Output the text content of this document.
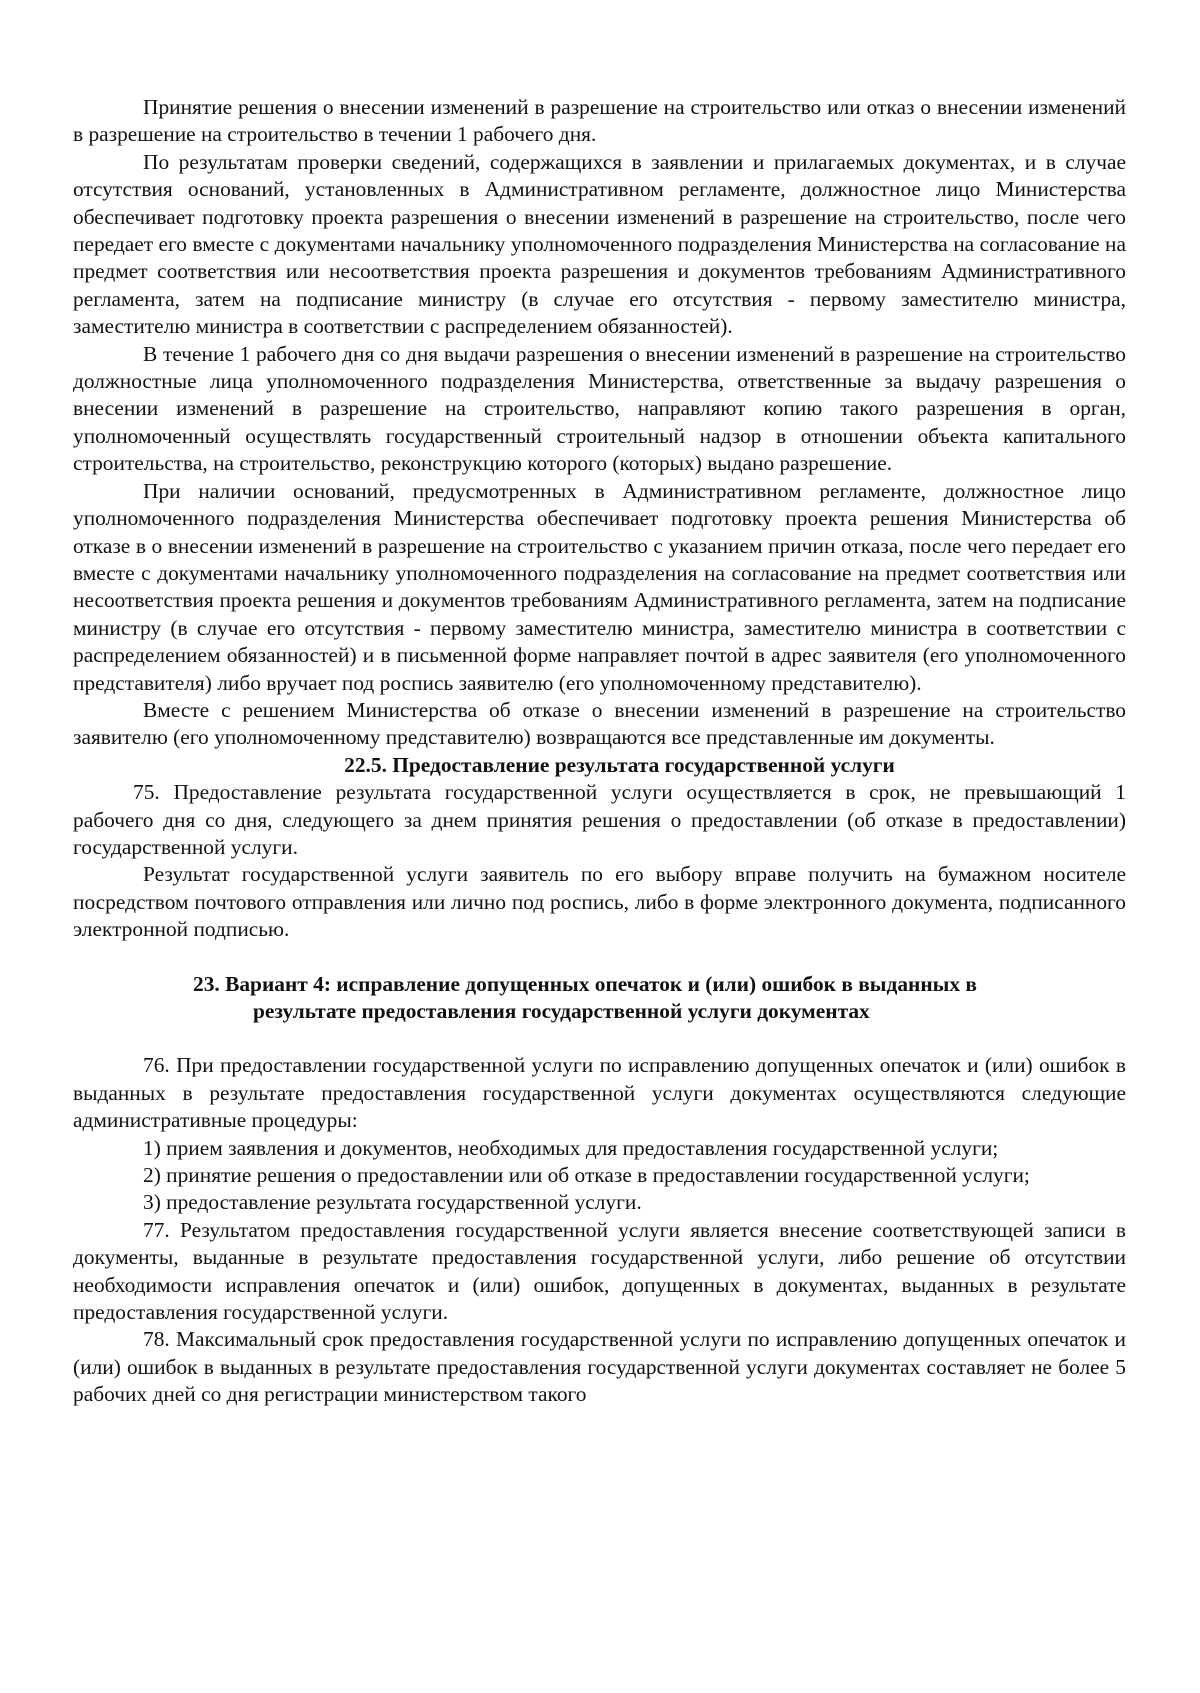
Принятие решения о внесении изменений в разрешение на строительство или отказ о внесении изменений в разрешение на строительство в течении 1 рабочего дня.

По результатам проверки сведений, содержащихся в заявлении и прилагаемых документах, и в случае отсутствия оснований, установленных в Административном регламенте, должностное лицо Министерства обеспечивает подготовку проекта разрешения о внесении изменений в разрешение на строительство, после чего передает его вместе с документами начальнику уполномоченного подразделения Министерства на согласование на предмет соответствия или несоответствия проекта разрешения и документов требованиям Административного регламента, затем на подписание министру (в случае его отсутствия - первому заместителю министра, заместителю министра в соответствии с распределением обязанностей).

В течение 1 рабочего дня со дня выдачи разрешения о внесении изменений в разрешение на строительство должностные лица уполномоченного подразделения Министерства, ответственные за выдачу разрешения о внесении изменений в разрешение на строительство, направляют копию такого разрешения в орган, уполномоченный осуществлять государственный строительный надзор в отношении объекта капитального строительства, на строительство, реконструкцию которого (которых) выдано разрешение.

При наличии оснований, предусмотренных в Административном регламенте, должностное лицо уполномоченного подразделения Министерства обеспечивает подготовку проекта решения Министерства об отказе в о внесении изменений в разрешение на строительство с указанием причин отказа, после чего передает его вместе с документами начальнику уполномоченного подразделения на согласование на предмет соответствия или несоответствия проекта решения и документов требованиям Административного регламента, затем на подписание министру (в случае его отсутствия - первому заместителю министра, заместителю министра в соответствии с распределением обязанностей) и в письменной форме направляет почтой в адрес заявителя (его уполномоченного представителя) либо вручает под роспись заявителю (его уполномоченному представителю).

Вместе с решением Министерства об отказе о внесении изменений в разрешение на строительство заявителю (его уполномоченному представителю) возвращаются все представленные им документы.

22.5. Предоставление результата государственной услуги

75. Предоставление результата государственной услуги осуществляется в срок, не превышающий 1 рабочего дня со дня, следующего за днем принятия решения о предоставлении (об отказе в предоставлении) государственной услуги.

Результат государственной услуги заявитель по его выбору вправе получить на бумажном носителе посредством почтового отправления или лично под роспись, либо в форме электронного документа, подписанного электронной подписью.

23. Вариант 4: исправление допущенных опечаток и (или) ошибок в выданных в
результате предоставления государственной услуги документах

76. При предоставлении государственной услуги по исправлению допущенных опечаток и (или) ошибок в выданных в результате предоставления государственной услуги документах осуществляются следующие административные процедуры:

1) прием заявления и документов, необходимых для предоставления государственной услуги;

2) принятие решения о предоставлении или об отказе в предоставлении государственной услуги;

3) предоставление результата государственной услуги.

77. Результатом предоставления государственной услуги является внесение соответствующей записи в документы, выданные в результате предоставления государственной услуги, либо решение об отсутствии необходимости исправления опечаток и (или) ошибок, допущенных в документах, выданных в результате предоставления государственной услуги.

78. Максимальный срок предоставления государственной услуги по исправлению допущенных опечаток и (или) ошибок в выданных в результате предоставления государственной услуги документах составляет не более 5 рабочих дней со дня регистрации министерством такого
